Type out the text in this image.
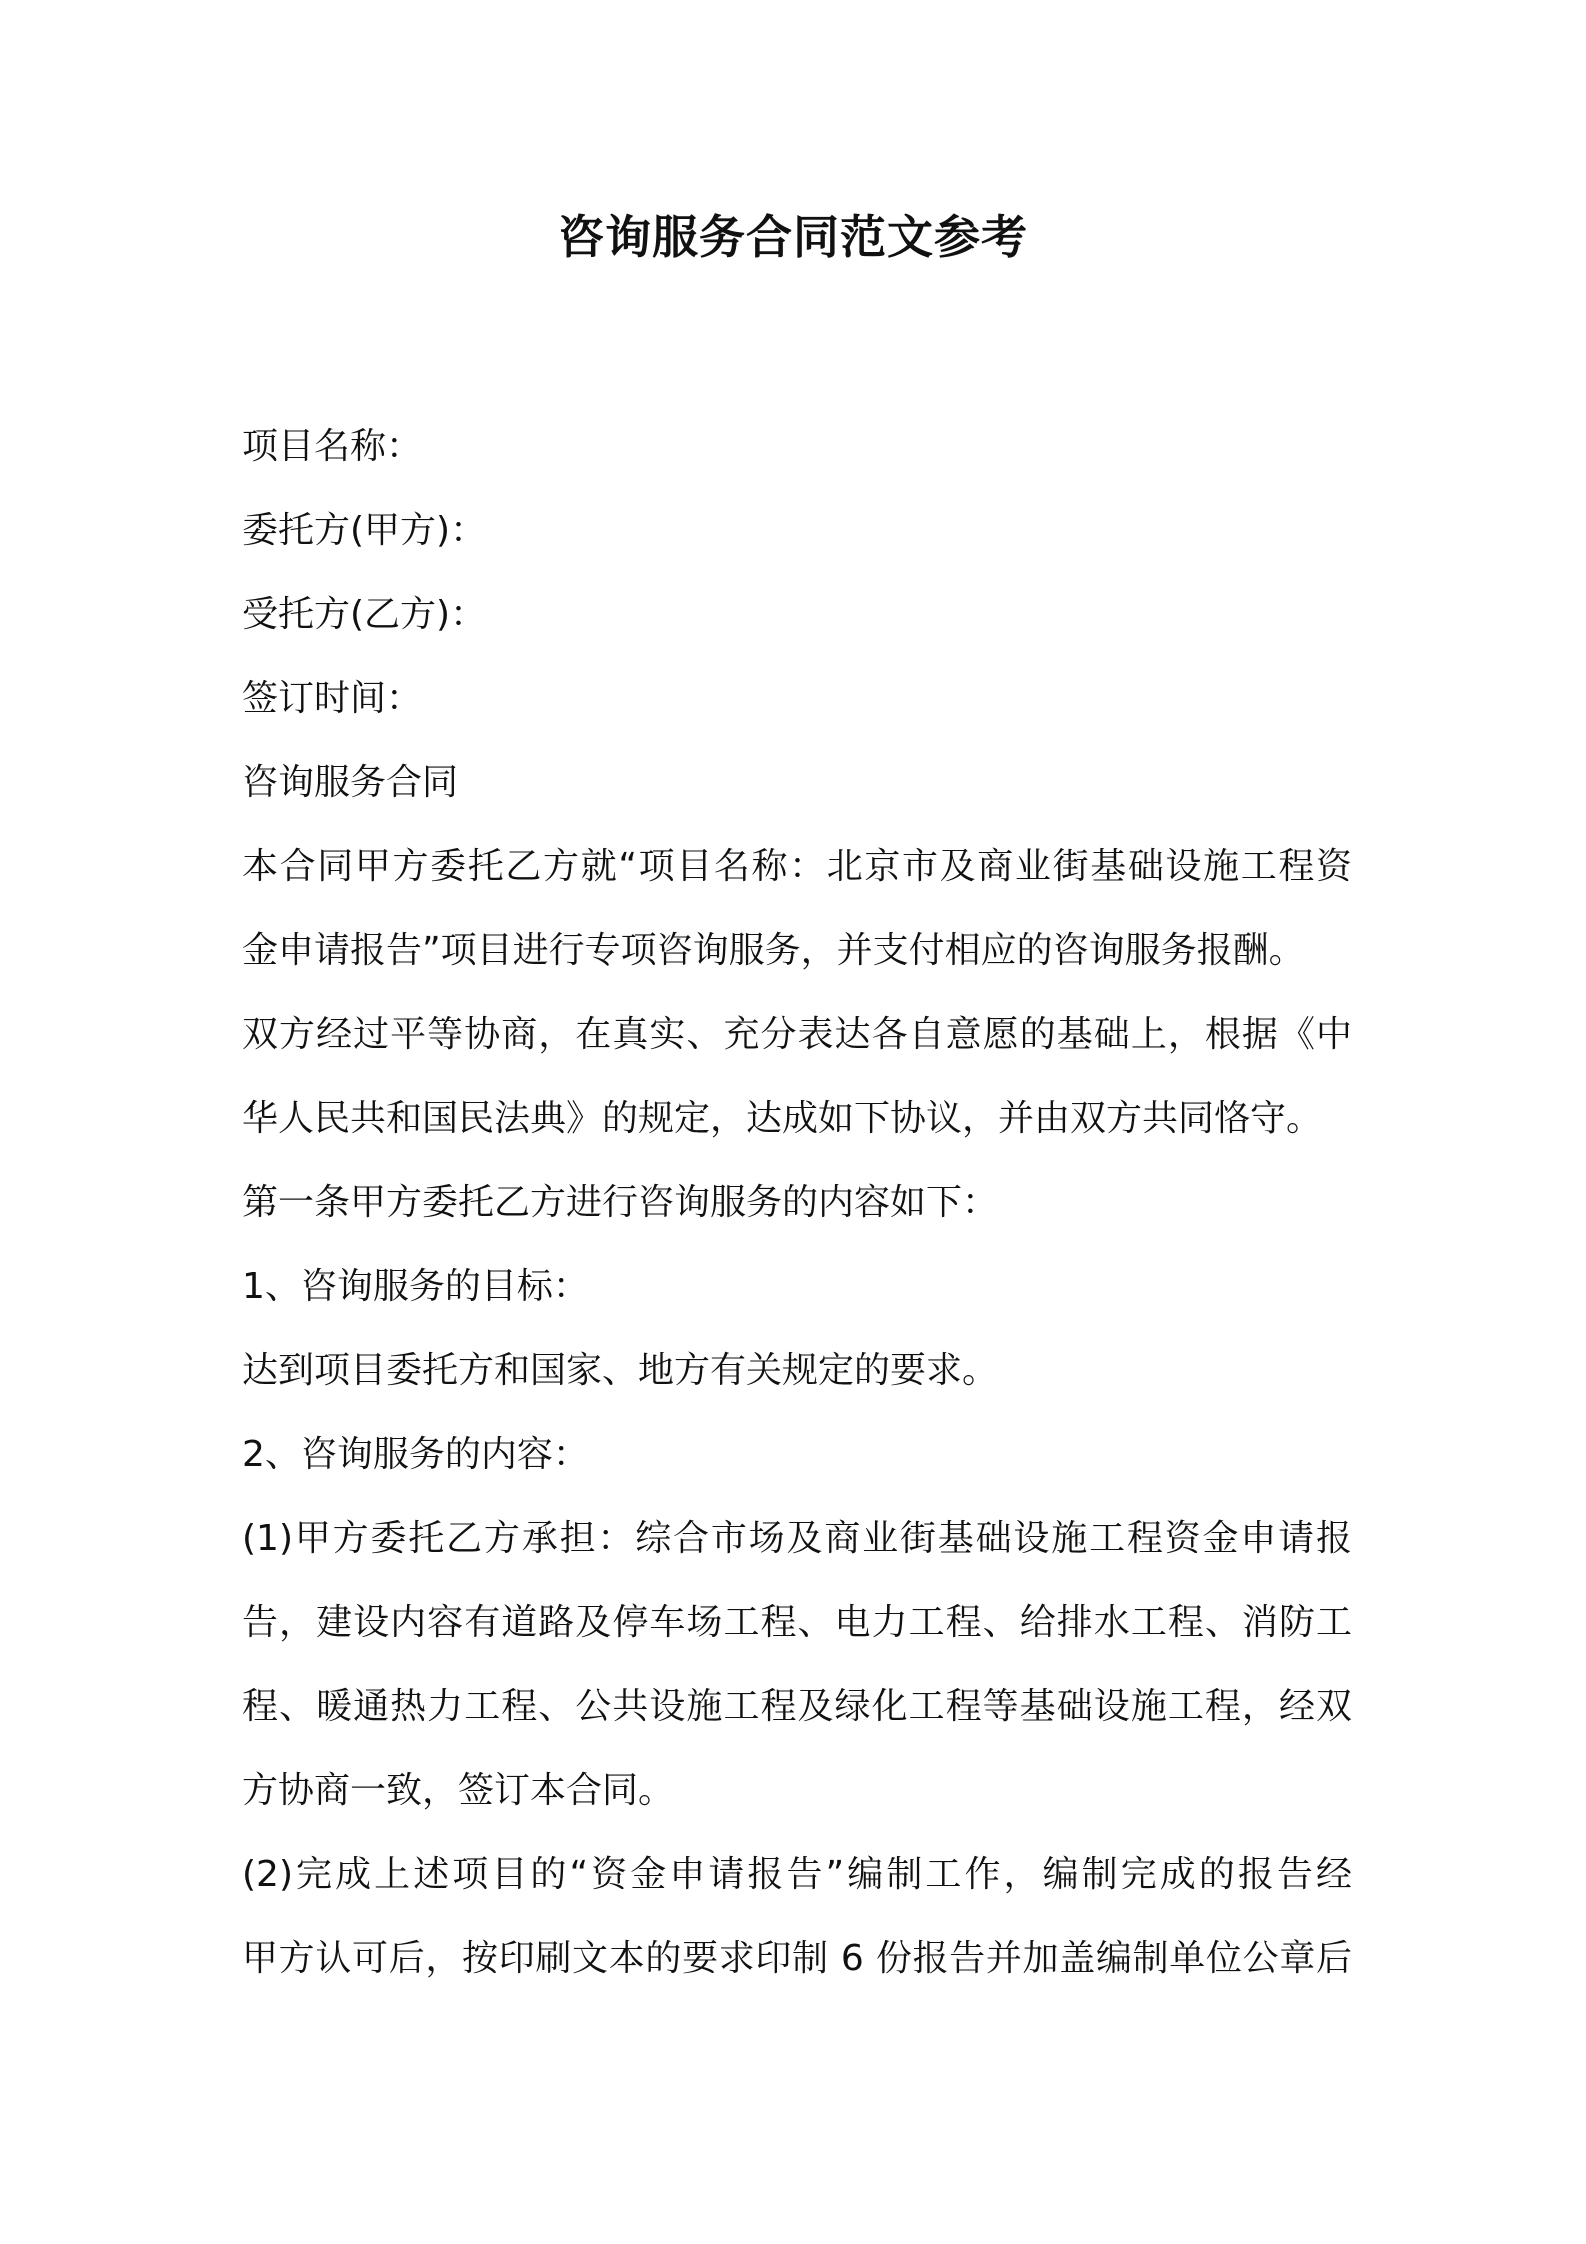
咨询服务合同范文参考
项目名称：
委托方(甲方)：
受托方(乙方)：
签订时间：
咨询服务合同
本合同甲方委托乙方就“项目名称：北京市及商业街基础设施工程资
金申请报告”项目进行专项咨询服务，并支付相应的咨询服务报酬。
双方经过平等协商，在真实、充分表达各自意愿的基础上，根据《中
华人民共和国民法典》的规定，达成如下协议，并由双方共同恪守。
第一条甲方委托乙方进行咨询服务的内容如下：
1、咨询服务的目标：
达到项目委托方和国家、地方有关规定的要求。
2、咨询服务的内容：
(1)甲方委托乙方承担：综合市场及商业街基础设施工程资金申请报
告，建设内容有道路及停车场工程、电力工程、给排水工程、消防工
程、暖通热力工程、公共设施工程及绿化工程等基础设施工程，经双
方协商一致，签订本合同。
(2)完成上述项目的“资金申请报告”编制工作，编制完成的报告经
甲方认可后，按印刷文本的要求印制 6 份报告并加盖编制单位公章后
